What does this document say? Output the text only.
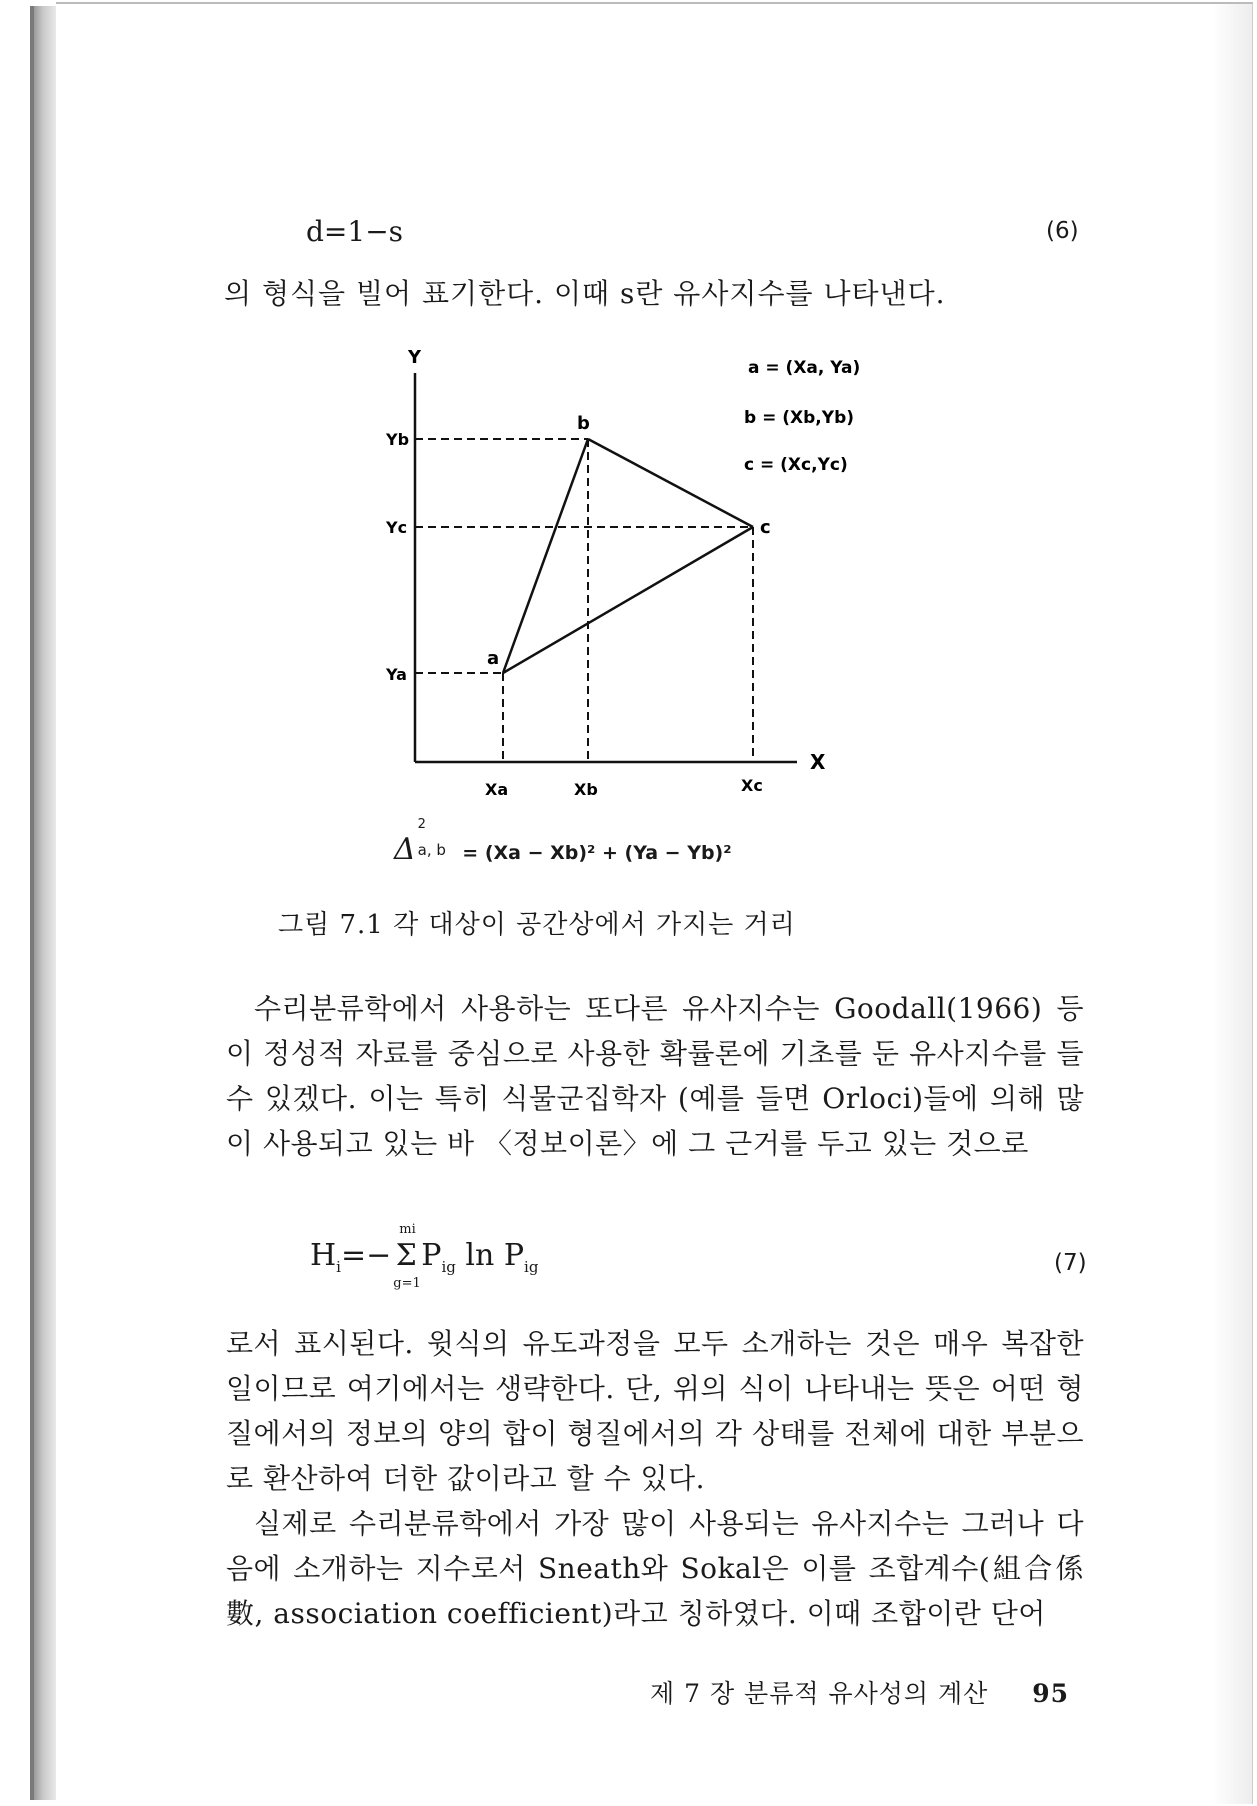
d=1−s	(6)
의 형식을 빌어 표기한다. 이때 s란 유사지수를 나타낸다.
Y
X
a
b
c
Yb
Yc
Ya
Xa	Xb	Xc
a = (Xa, Ya)
b = (Xb,Yb)
c = (Xc,Yc)
Δ
2
a, b = (Xa − Xb)² + (Ya − Yb)²
그림 7.1 각 대상이 공간상에서 가지는 거리

수리분류학에서 사용하는 또다른 유사지수는 Goodall(1966) 등이 정성적 자료를 중심으로 사용한 확률론에 기초를 둔 유사지수를 들 수 있겠다. 이는 특히 식물군집학자 (예를 들면 Orloci)들에 의해 많이 사용되고 있는 바 〈정보이론〉에 그 근거를 두고 있는 것으로

$H_i=-$
mi
Σ
g=1
$P_{ig}$ $\ln P_{ig}$	(7)

로서 표시된다. 윗식의 유도과정을 모두 소개하는 것은 매우 복잡한 일이므로 여기에서는 생략한다. 단, 위의 식이 나타내는 뜻은 어떤 형질에서의 정보의 양의 합이 형질에서의 각 상태를 전체에 대한 부분으로 환산하여 더한 값이라고 할 수 있다.

실제로 수리분류학에서 가장 많이 사용되는 유사지수는 그러나 다음에 소개하는 지수로서 Sneath와 Sokal은 이를 조합계수(組合係數, association coefficient)라고 칭하였다. 이때 조합이란 단어

제 7 장 분류적 유사성의 계산 95
